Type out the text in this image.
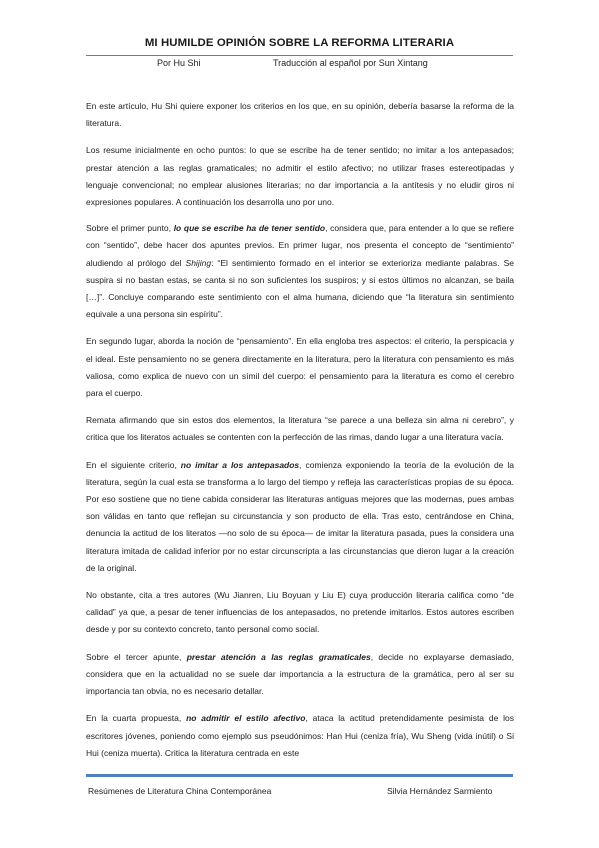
MI HUMILDE OPINIÓN SOBRE LA REFORMA LITERARIA
Por Hu Shi	Traducción al español por Sun Xintang

En este artículo, Hu Shi quiere exponer los criterios en los que, en su opinión, debería basarse la reforma de la literatura.

Los resume inicialmente en ocho puntos: lo que se escribe ha de tener sentido; no imitar a los antepasados; prestar atención a las reglas gramaticales; no admitir el estilo afectivo; no utilizar frases estereotipadas y lenguaje convencional; no emplear alusiones literarias; no dar importancia a la antítesis y no eludir giros ni expresiones populares. A continuación los desarrolla uno por uno.

Sobre el primer punto, lo que se escribe ha de tener sentido, considera que, para entender a lo que se refiere con “sentido”, debe hacer dos apuntes previos. En primer lugar, nos presenta el concepto de “sentimiento” aludiendo al prólogo del Shijing: “El sentimiento formado en el interior se exterioriza mediante palabras. Se suspira si no bastan estas, se canta si no son suficientes los suspiros; y si estos últimos no alcanzan, se baila […]”. Concluye comparando este sentimiento con el alma humana, diciendo que “la literatura sin sentimiento equivale a una persona sin espíritu”.

En segundo lugar, aborda la noción de “pensamiento”. En ella engloba tres aspectos: el criterio, la perspicacia y el ideal. Este pensamiento no se genera directamente en la literatura, pero la literatura con pensamiento es más valiosa, como explica de nuevo con un símil del cuerpo: el pensamiento para la literatura es como el cerebro para el cuerpo.

Remata afirmando que sin estos dos elementos, la literatura “se parece a una belleza sin alma ni cerebro”, y critica que los literatos actuales se contenten con la perfección de las rimas, dando lugar a una literatura vacía.

En el siguiente criterio, no imitar a los antepasados, comienza exponiendo la teoría de la evolución de la literatura, según la cual esta se transforma a lo largo del tiempo y refleja las características propias de su época. Por eso sostiene que no tiene cabida considerar las literaturas antiguas mejores que las modernas, pues ambas son válidas en tanto que reflejan su circunstancia y son producto de ella. Tras esto, centrándose en China, denuncia la actitud de los literatos —no solo de su época— de imitar la literatura pasada, pues la considera una literatura imitada de calidad inferior por no estar circunscripta a las circunstancias que dieron lugar a la creación de la original.

No obstante, cita a tres autores (Wu Jianren, Liu Boyuan y Liu E) cuya producción literaria califica como “de calidad” ya que, a pesar de tener influencias de los antepasados, no pretende imitarlos. Estos autores escriben desde y por su contexto concreto, tanto personal como social.

Sobre el tercer apunte, prestar atención a las reglas gramaticales, decide no explayarse demasiado, considera que en la actualidad no se suele dar importancia a la estructura de la gramática, pero al ser su importancia tan obvia, no es necesario detallar.

En la cuarta propuesta, no admitir el estilo afectivo, ataca la actitud pretendidamente pesimista de los escritores jóvenes, poniendo como ejemplo sus pseudónimos: Han Hui (ceniza fría), Wu Sheng (vida inútil) o Si Hui (ceniza muerta). Critica la literatura centrada en este

Resúmenes de Literatura China Contemporánea	Silvia Hernández Sarmiento
